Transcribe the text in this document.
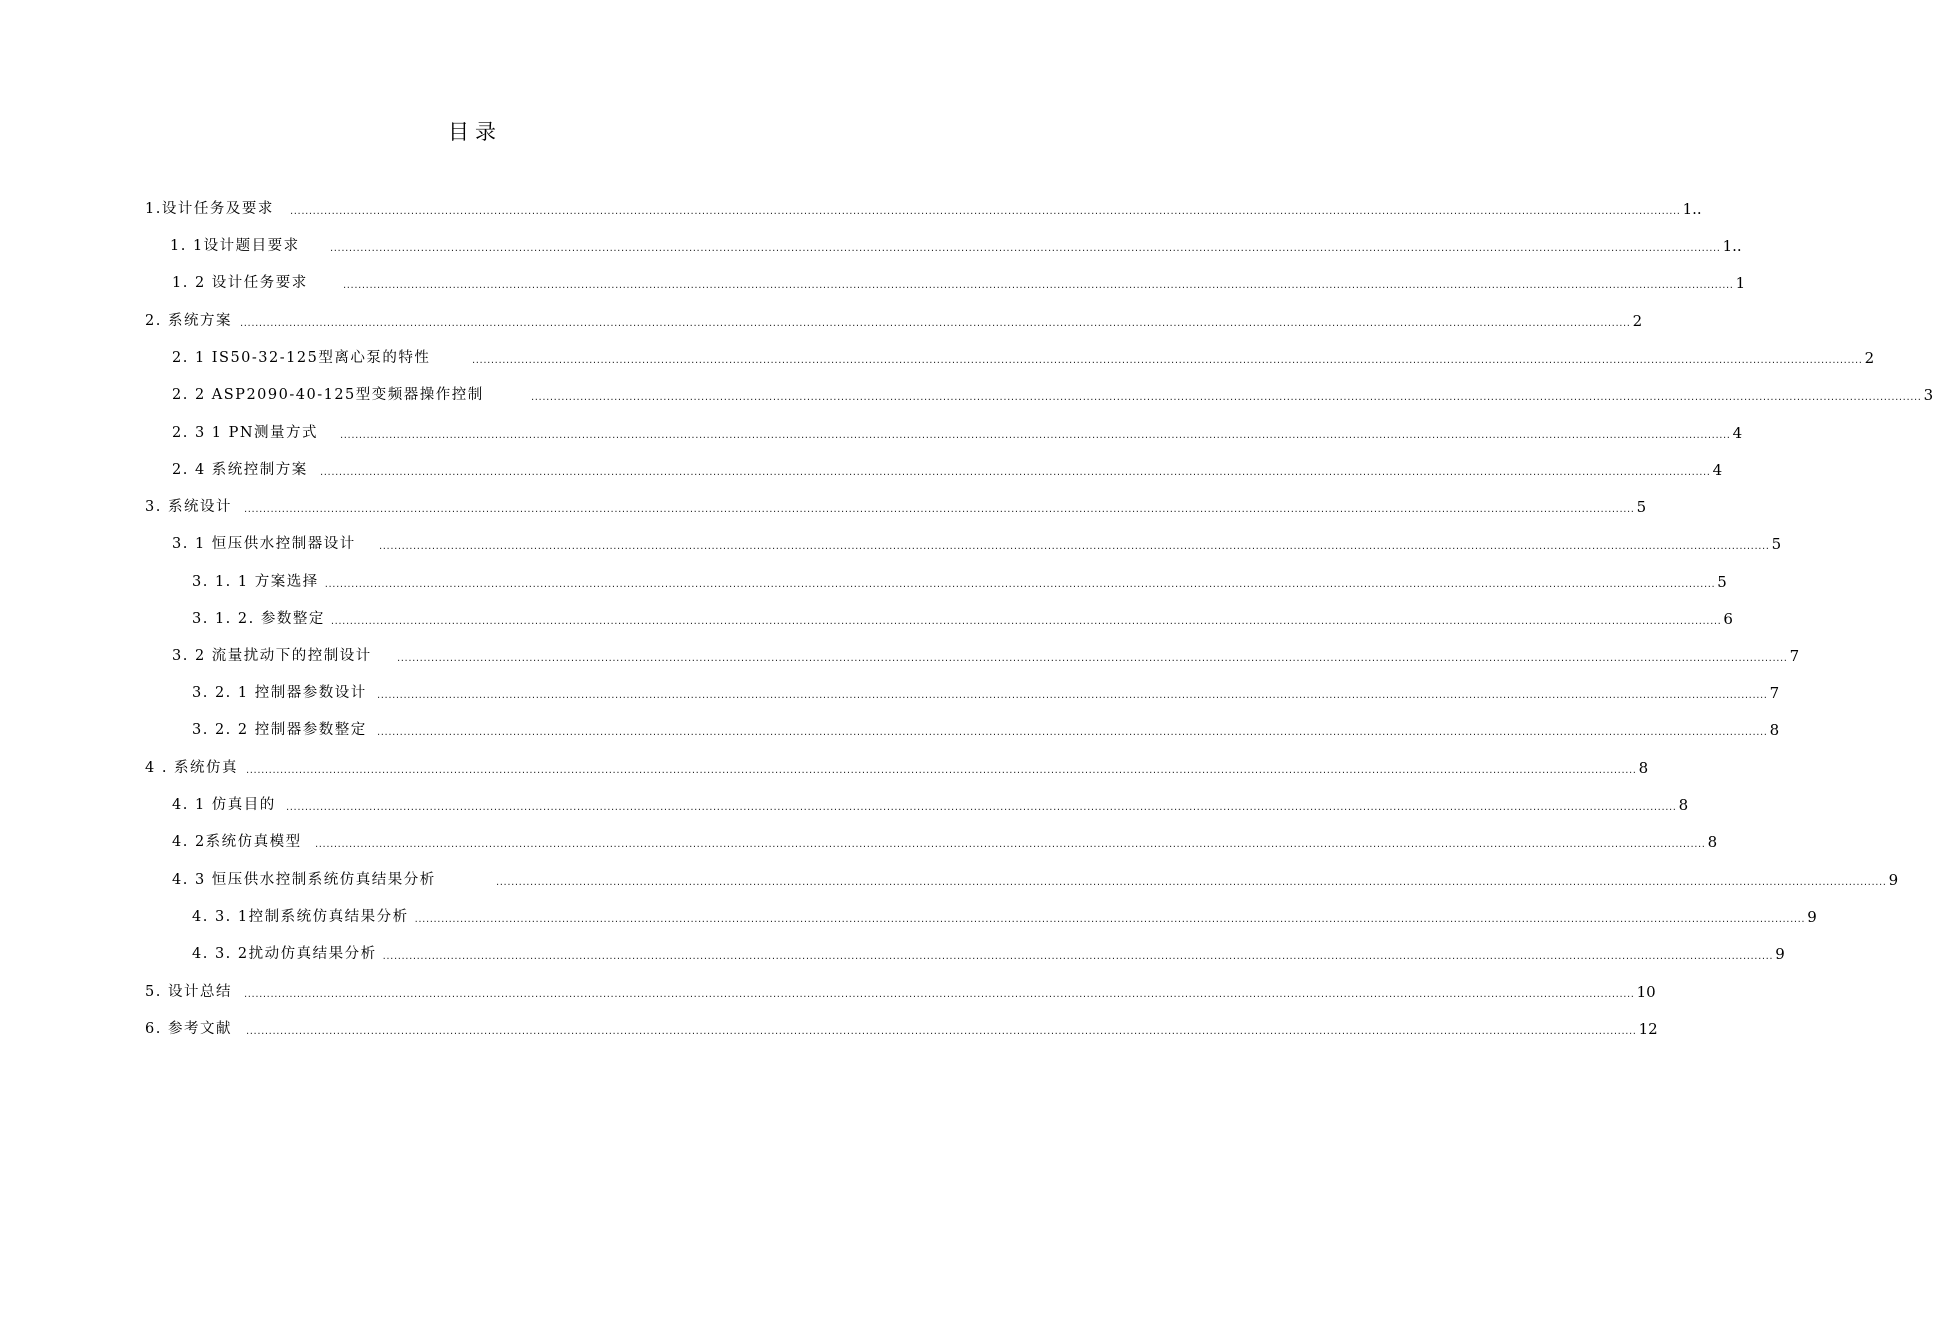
目录
1.设计任务及要求 ................................................................................................................................................................................................................................................................................................................................................................................ 1..
1. 1设计题目要求	................................................................................................................................................................................................................................................................................................................................................................................ 1..
1. 2 设计任务要求	................................................................................................................................................................................................................................................................................................................................................................................ 1
2. 系统方案 ................................................................................................................................................................................................................................................................................................................................................................................ 2
2. 1 IS50-32-125型离心泵的特性	................................................................................................................................................................................................................................................................................................................................................................................ 2
2. 2 ASP2090-40-125型变频器操作控制	................................................................................................................................................................................................................................................................................................................................................................................ 3
2. 3 1 PN测量方式 ................................................................................................................................................................................................................................................................................................................................................................................ 4
2. 4 系统控制方案 ................................................................................................................................................................................................................................................................................................................................................................................ 4
3. 系统设计 ................................................................................................................................................................................................................................................................................................................................................................................ 5
3. 1 恒压供水控制器设计 ................................................................................................................................................................................................................................................................................................................................................................................ 5
3. 1. 1 方案选择 ................................................................................................................................................................................................................................................................................................................................................................................ 5
3. 1. 2. 参数整定 ................................................................................................................................................................................................................................................................................................................................................................................ 6
3. 2 流量扰动下的控制设计	................................................................................................................................................................................................................................................................................................................................................................................ 7
3. 2. 1 控制器参数设计 ................................................................................................................................................................................................................................................................................................................................................................................ 7
3. 2. 2 控制器参数整定 ................................................................................................................................................................................................................................................................................................................................................................................ 8
4 . 系统仿真 ................................................................................................................................................................................................................................................................................................................................................................................ 8
4. 1 仿真目的 ................................................................................................................................................................................................................................................................................................................................................................................ 8
4. 2系统仿真模型 ................................................................................................................................................................................................................................................................................................................................................................................ 8
4. 3 恒压供水控制系统仿真结果分析	................................................................................................................................................................................................................................................................................................................................................................................ 9
4. 3. 1控制系统仿真结果分析 ................................................................................................................................................................................................................................................................................................................................................................................ 9
4. 3. 2扰动仿真结果分析 ................................................................................................................................................................................................................................................................................................................................................................................ 9
5. 设计总结 ................................................................................................................................................................................................................................................................................................................................................................................ 10
6. 参考文献 ................................................................................................................................................................................................................................................................................................................................................................................ 12
